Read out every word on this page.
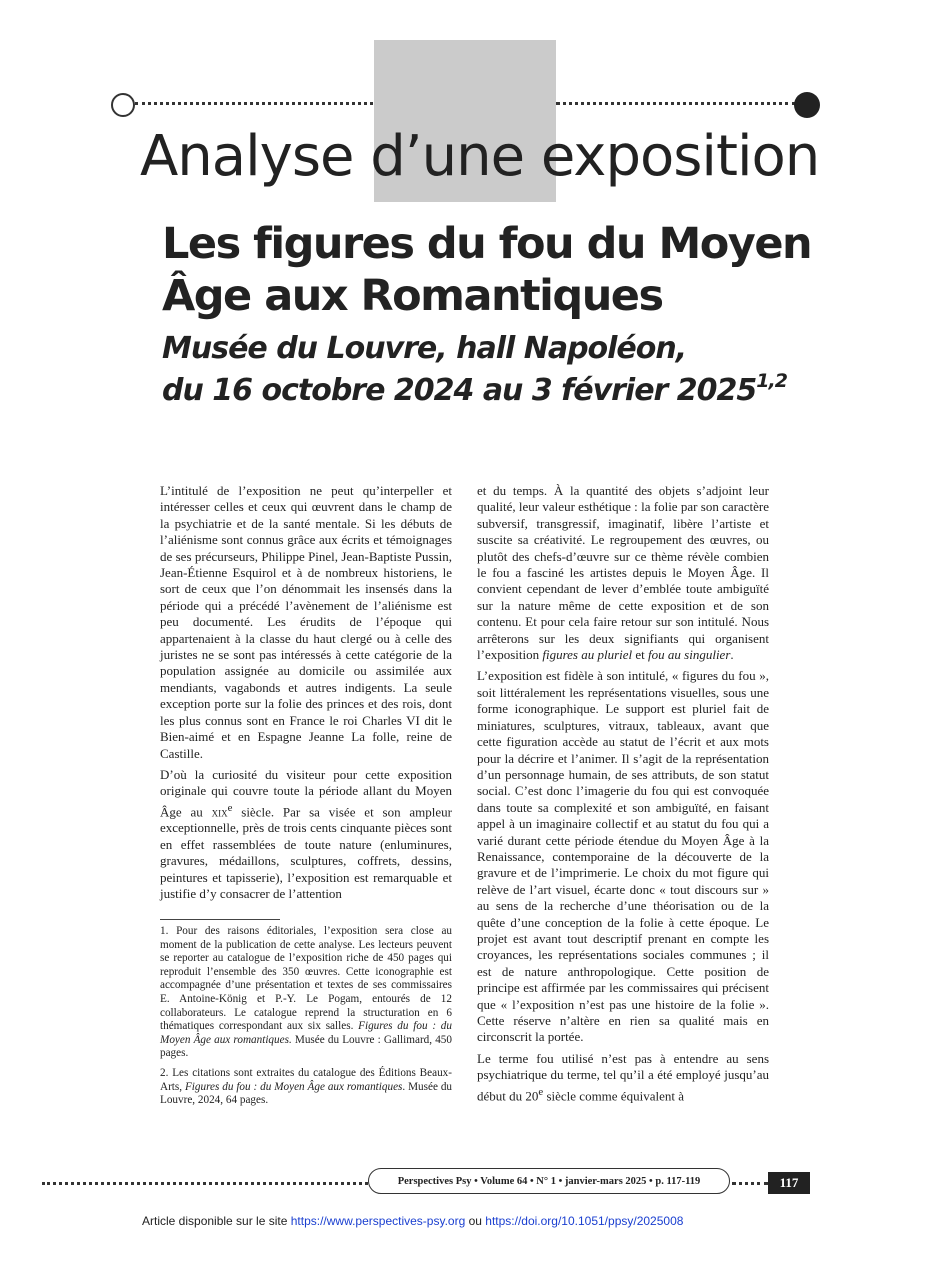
Analyse d’une exposition
Les figures du fou du Moyen Âge aux Romantiques
Musée du Louvre, hall Napoléon,
du 16 octobre 2024 au 3 février 2025$^{1,2}$

L’intitulé de l’exposition ne peut qu’interpeller et intéresser celles et ceux qui œuvrent dans le champ de la psychiatrie et de la santé mentale. Si les débuts de l’aliénisme sont connus grâce aux écrits et témoignages de ses précurseurs, Philippe Pinel, Jean-Baptiste Pussin, Jean-Étienne Esquirol et à de nombreux historiens, le sort de ceux que l’on dénommait les insensés dans la période qui a précédé l’avènement de l’aliénisme est peu documenté. Les érudits de l’époque qui appartenaient à la classe du haut clergé ou à celle des juristes ne se sont pas intéressés à cette catégorie de la population assignée au domicile ou assimilée aux mendiants, vagabonds et autres indigents. La seule exception porte sur la folie des princes et des rois, dont les plus connus sont en France le roi Charles VI dit le Bien-aimé et en Espagne Jeanne La folle, reine de Castille.

D’où la curiosité du visiteur pour cette exposition originale qui couvre toute la période allant du Moyen Âge au xix$^e$ siècle. Par sa visée et son ampleur exceptionnelle, près de trois cents cinquante pièces sont en effet rassemblées de toute nature (enluminures, gravures, médaillons, sculptures, coffrets, dessins, peintures et tapisserie), l’exposition est remarquable et justifie d’y consacrer de l’attention

1. Pour des raisons éditoriales, l’exposition sera close au moment de la publication de cette analyse. Les lecteurs peuvent se reporter au catalogue de l’exposition riche de 450 pages qui reproduit l’ensemble des 350 œuvres. Cette iconographie est accompagnée d’une présentation et textes de ses commissaires E. Antoine-König et P.-Y. Le Pogam, entourés de 12 collaborateurs. Le catalogue reprend la structuration en 6 thématiques correspondant aux six salles. Figures du fou : du Moyen Âge aux romantiques. Musée du Louvre : Gallimard, 450 pages.

2. Les citations sont extraites du catalogue des Éditions Beaux-Arts, Figures du fou : du Moyen Âge aux romantiques. Musée du Louvre, 2024, 64 pages.

et du temps. À la quantité des objets s’adjoint leur qualité, leur valeur esthétique : la folie par son caractère subversif, transgressif, imaginatif, libère l’artiste et suscite sa créativité. Le regroupement des œuvres, ou plutôt des chefs-d’œuvre sur ce thème révèle combien le fou a fasciné les artistes depuis le Moyen Âge. Il convient cependant de lever d’emblée toute ambiguïté sur la nature même de cette exposition et de son contenu. Et pour cela faire retour sur son intitulé. Nous arrêterons sur les deux signifiants qui organisent l’exposition figures au pluriel et fou au singulier.

L’exposition est fidèle à son intitulé, « figures du fou », soit littéralement les représentations visuelles, sous une forme iconographique. Le support est pluriel fait de miniatures, sculptures, vitraux, tableaux, avant que cette figuration accède au statut de l’écrit et aux mots pour la décrire et l’animer. Il s’agit de la représentation d’un personnage humain, de ses attributs, de son statut social. C’est donc l’imagerie du fou qui est convoquée dans toute sa complexité et son ambiguïté, en faisant appel à un imaginaire collectif et au statut du fou qui a varié durant cette période étendue du Moyen Âge à la Renaissance, contemporaine de la découverte de la gravure et de l’imprimerie. Le choix du mot figure qui relève de l’art visuel, écarte donc « tout discours sur » au sens de la recherche d’une théorisation ou de la quête d’une conception de la folie à cette époque. Le projet est avant tout descriptif prenant en compte les croyances, les représentations sociales communes ; il est de nature anthropologique. Cette position de principe est affirmée par les commissaires qui précisent que « l’exposition n’est pas une histoire de la folie ». Cette réserve n’altère en rien sa qualité mais en circonscrit la portée.

Le terme fou utilisé n’est pas à entendre au sens psychiatrique du terme, tel qu’il a été employé jusqu’au début du 20e siècle comme équivalent à

Perspectives Psy • Volume 64 • N° 1 • janvier-mars 2025 • p. 117-119	117
Article disponible sur le site https://www.perspectives-psy.org ou https://doi.org/10.1051/ppsy/2025008
